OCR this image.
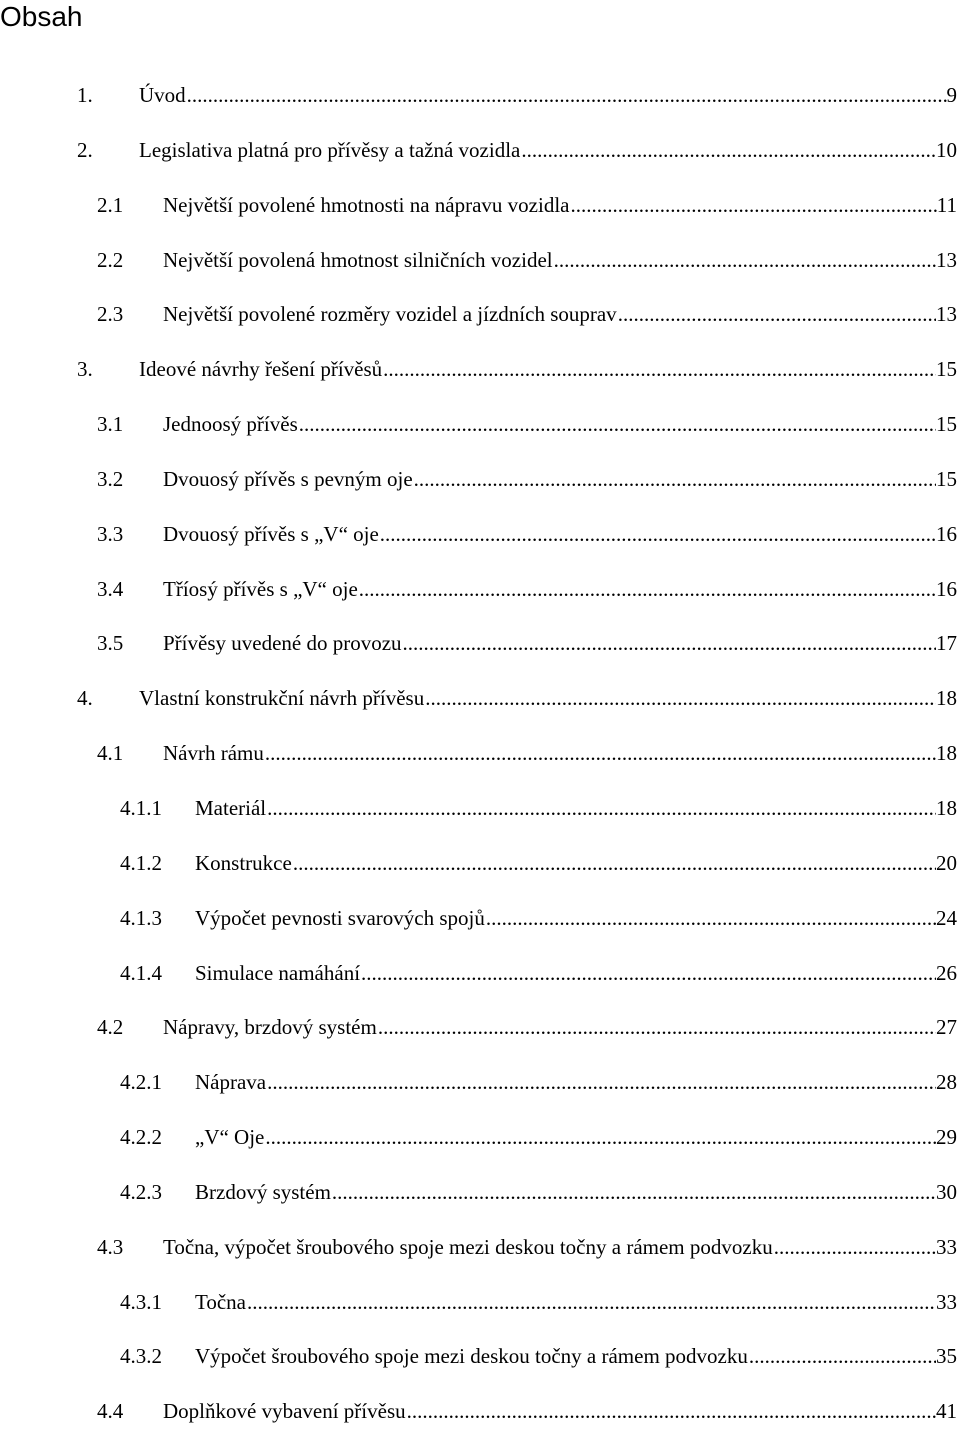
Obsah
1. Úvod .....	9
2. Legislativa platná pro přívěsy a tažná vozidla .....	10
2.1 Největší povolené hmotnosti na nápravu vozidla .....	11
2.2 Největší povolená hmotnost silničních vozidel .....	13
2.3 Největší povolené rozměry vozidel a jízdních souprav .....	13
3. Ideové návrhy řešení přívěsů .....	15
3.1 Jednoosý přívěs .....	15
3.2 Dvouosý přívěs s pevným oje .....	15
3.3 Dvouosý přívěs s „V“ oje .....	16
3.4 Tříosý přívěs s „V“ oje .....	16
3.5 Přívěsy uvedené do provozu .....	17
4. Vlastní konstrukční návrh přívěsu .....	18
4.1 Návrh rámu .....	18
4.1.1 Materiál .....	18
4.1.2 Konstrukce .....	20
4.1.3 Výpočet pevnosti svarových spojů .....	24
4.1.4 Simulace namáhání .....	26
4.2 Nápravy, brzdový systém .....	27
4.2.1 Náprava .....	28
4.2.2 „V“ Oje .....	29
4.2.3 Brzdový systém .....	30
4.3 Točna, výpočet šroubového spoje mezi deskou točny a rámem podvozku .....	33
4.3.1 Točna .....	33
4.3.2 Výpočet šroubového spoje mezi deskou točny a rámem podvozku .....	35
4.4 Doplňkové vybavení přívěsu .....	41
